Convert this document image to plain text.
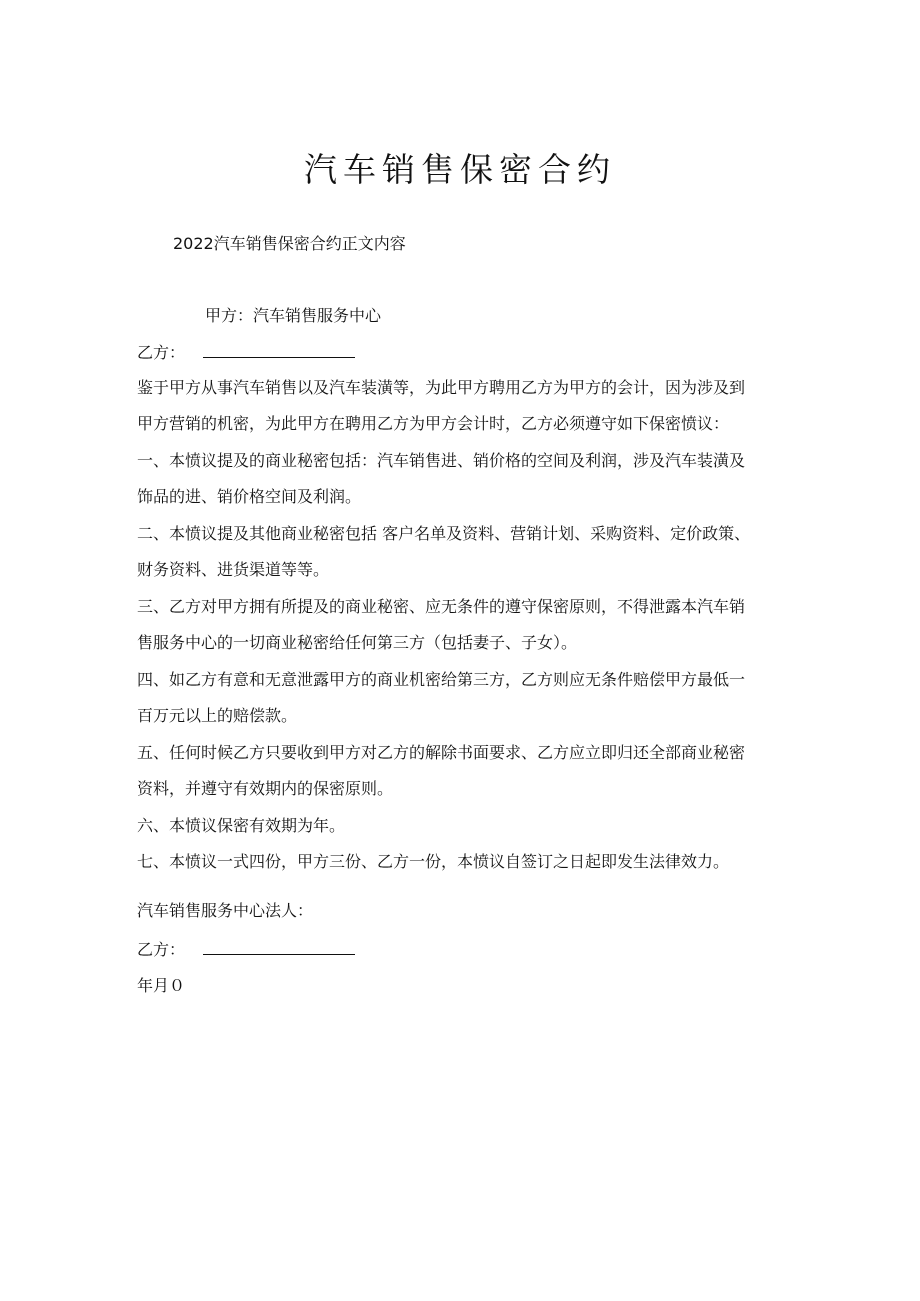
汽车销售保密合约
2022汽车销售保密合约正文内容
甲方：汽车销售服务中心
乙方：
鉴于甲方从事汽车销售以及汽车装潢等，为此甲方聘用乙方为甲方的会计，因为涉及到
甲方营销的机密，为此甲方在聘用乙方为甲方会计时，乙方必须遵守如下保密愤议：
一、本愤议提及的商业秘密包括：汽车销售进、销价格的空间及利润，涉及汽车装潢及
饰品的进、销价格空间及利润。
二、本愤议提及其他商业秘密包括 客户名单及资料、营销计划、采购资料、定价政策、
财务资料、进货渠道等等。
三、乙方对甲方拥有所提及的商业秘密、应无条件的遵守保密原则，不得泄露本汽车销
售服务中心的一切商业秘密给任何第三方（包括妻子、子女）。
四、如乙方有意和无意泄露甲方的商业机密给第三方，乙方则应无条件赔偿甲方最低一
百万元以上的赔偿款。
五、任何时候乙方只要收到甲方对乙方的解除书面要求、乙方应立即归还全部商业秘密
资料，并遵守有效期内的保密原则。
六、本愤议保密有效期为年。
七、本愤议一式四份，甲方三份、乙方一份，本愤议自签订之日起即发生法律效力。
汽车销售服务中心法人：
乙方：
年月０
